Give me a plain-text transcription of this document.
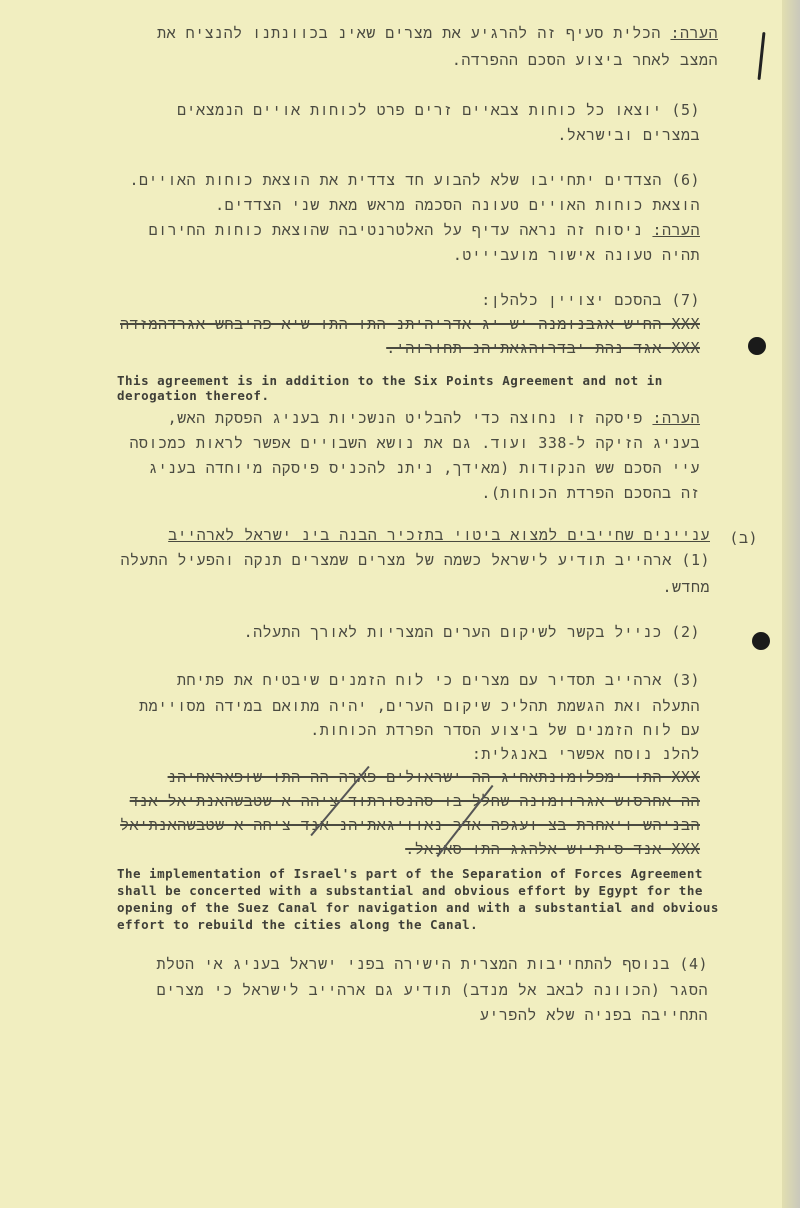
הערה: הכלית סעיף זה להרגיע את מצרים שאינ בכוונתנו להנציח את
המצב לאחר ביצוע הסכם ההפרדה.
(5) יוצאו כל כוחות צבאיים זרים פרט לכוחות אויים הנמצאים
במצרים ובישראל.
(6) הצדדים יתחייבו שלא להבוע חד צדדית את הוצאת כוחות האויים.
הוצאת כוחות האויים טעונה הסכמה מראש מאת שני הצדדים.
הערה: ניסוח זה נראה עדיף על האלטרנטיבה שהוצאת כוחות החירום
תהיה טעונה אישור מועביייט.
(7) בהסכם יצויין כלהלן:
XXX החיש אגבנומנה יש יג אדריהיתנ התו התו שיא פהיבחש אגרדהמזדה
XXX אגד נהת יבדרוהגאתיהנ תחורוהי.
This agreement is in addition to the Six Points Agreement and not in
derogation thereof.
הערה: פיסקה זו נחוצה כדי להבליט הנשכיות בעניג הפסקת האש,
בעניג הזיקה ל-338 ועוד. גם את נושא השבויים אפשר לראות כמכוסה
עיי הסכם שש הנקודות (מאידך, ניתנ להכניס פיסקה מיוחדה בעניג
זה בהסכם הפרדת הכוחות).
(ב)
עניינים שחייבים למצוא ביטוי בתזכיר הבנה בינ ישראל לארהייב
(1) ארהייב תודיע לישראל כשמה של מצרים שמצרים תנקה והפעיל התעלה
מחדש.
(2) כנייל בקשר לשיקום הערים המצריות לאורך התעלה.
(3) ארהייב תסדיר עם מצרים כי לוח הזמנים שיבטיח את פתיחת
התעלה ואת הגשמת תהליכ שיקום הערים, יהיה מתואם במידה מסויימת
עם לוח הזמנים של ביצוע הסדר הפרדת הכוחות.
להלנ נוסח אפשרי באנגלית:
XXX התו ימפלומונתאחיג הה ישראולים פארה הה התו שופאראחיהנ
הה אחרסוש אגרוומונה שחלל בו סהנסורתוד ציהה א שטבשהאנתיאל אנד
הבניהש ויאחרת בצ ועגפה אדר נאוויגאתיהנ אנד ציחה א שטבשהאנתיאל
XXX אנד סיתיוש אלהגג התו סאנאל.
The implementation of Israel's part of the Separation of Forces Agreement
shall be concerted with a substantial and obvious effort by Egypt for the
opening of the Suez Canal for navigation and with a substantial and obvious
effort to rebuild the cities along the Canal.
(4) בנוסף להתחייבות המצרית הישירה בפני ישראל בעניג אי הטלת
הסגר (הכוונה לבאב אל מנדב) תודיע גם ארהייב לישראל כי מצרים
התחייבה בפניה שלא להפריע
